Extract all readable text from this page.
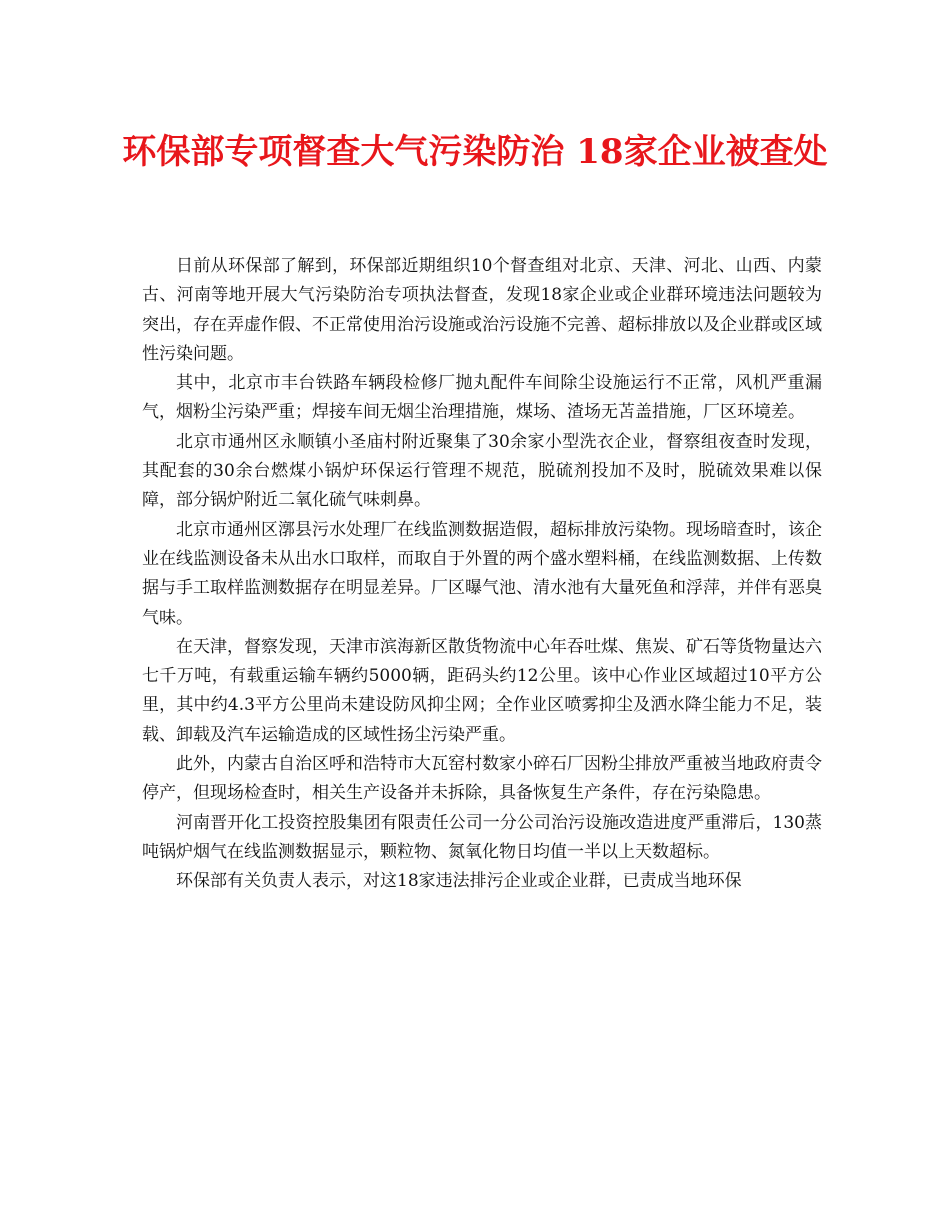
环保部专项督查大气污染防治 18家企业被查处

日前从环保部了解到，环保部近期组织10个督查组对北京、天津、河北、山西、内蒙古、河南等地开展大气污染防治专项执法督查，发现18家企业或企业群环境违法问题较为突出，存在弄虚作假、不正常使用治污设施或治污设施不完善、超标排放以及企业群或区域性污染问题。

其中，北京市丰台铁路车辆段检修厂抛丸配件车间除尘设施运行不正常，风机严重漏气，烟粉尘污染严重；焊接车间无烟尘治理措施，煤场、渣场无苫盖措施，厂区环境差。

北京市通州区永顺镇小圣庙村附近聚集了30余家小型洗衣企业，督察组夜查时发现，其配套的30余台燃煤小锅炉环保运行管理不规范，脱硫剂投加不及时，脱硫效果难以保障，部分锅炉附近二氧化硫气味刺鼻。

北京市通州区漷县污水处理厂在线监测数据造假，超标排放污染物。现场暗查时，该企业在线监测设备未从出水口取样，而取自于外置的两个盛水塑料桶，在线监测数据、上传数据与手工取样监测数据存在明显差异。厂区曝气池、清水池有大量死鱼和浮萍，并伴有恶臭气味。

在天津，督察发现，天津市滨海新区散货物流中心年吞吐煤、焦炭、矿石等货物量达六七千万吨，有载重运输车辆约5000辆，距码头约12公里。该中心作业区域超过10平方公里，其中约4.3平方公里尚未建设防风抑尘网；全作业区喷雾抑尘及洒水降尘能力不足，装载、卸载及汽车运输造成的区域性扬尘污染严重。

此外，内蒙古自治区呼和浩特市大瓦窑村数家小碎石厂因粉尘排放严重被当地政府责令停产，但现场检查时，相关生产设备并未拆除，具备恢复生产条件，存在污染隐患。

河南晋开化工投资控股集团有限责任公司一分公司治污设施改造进度严重滞后，130蒸吨锅炉烟气在线监测数据显示，颗粒物、氮氧化物日均值一半以上天数超标。

环保部有关负责人表示，对这18家违法排污企业或企业群，已责成当地环保
